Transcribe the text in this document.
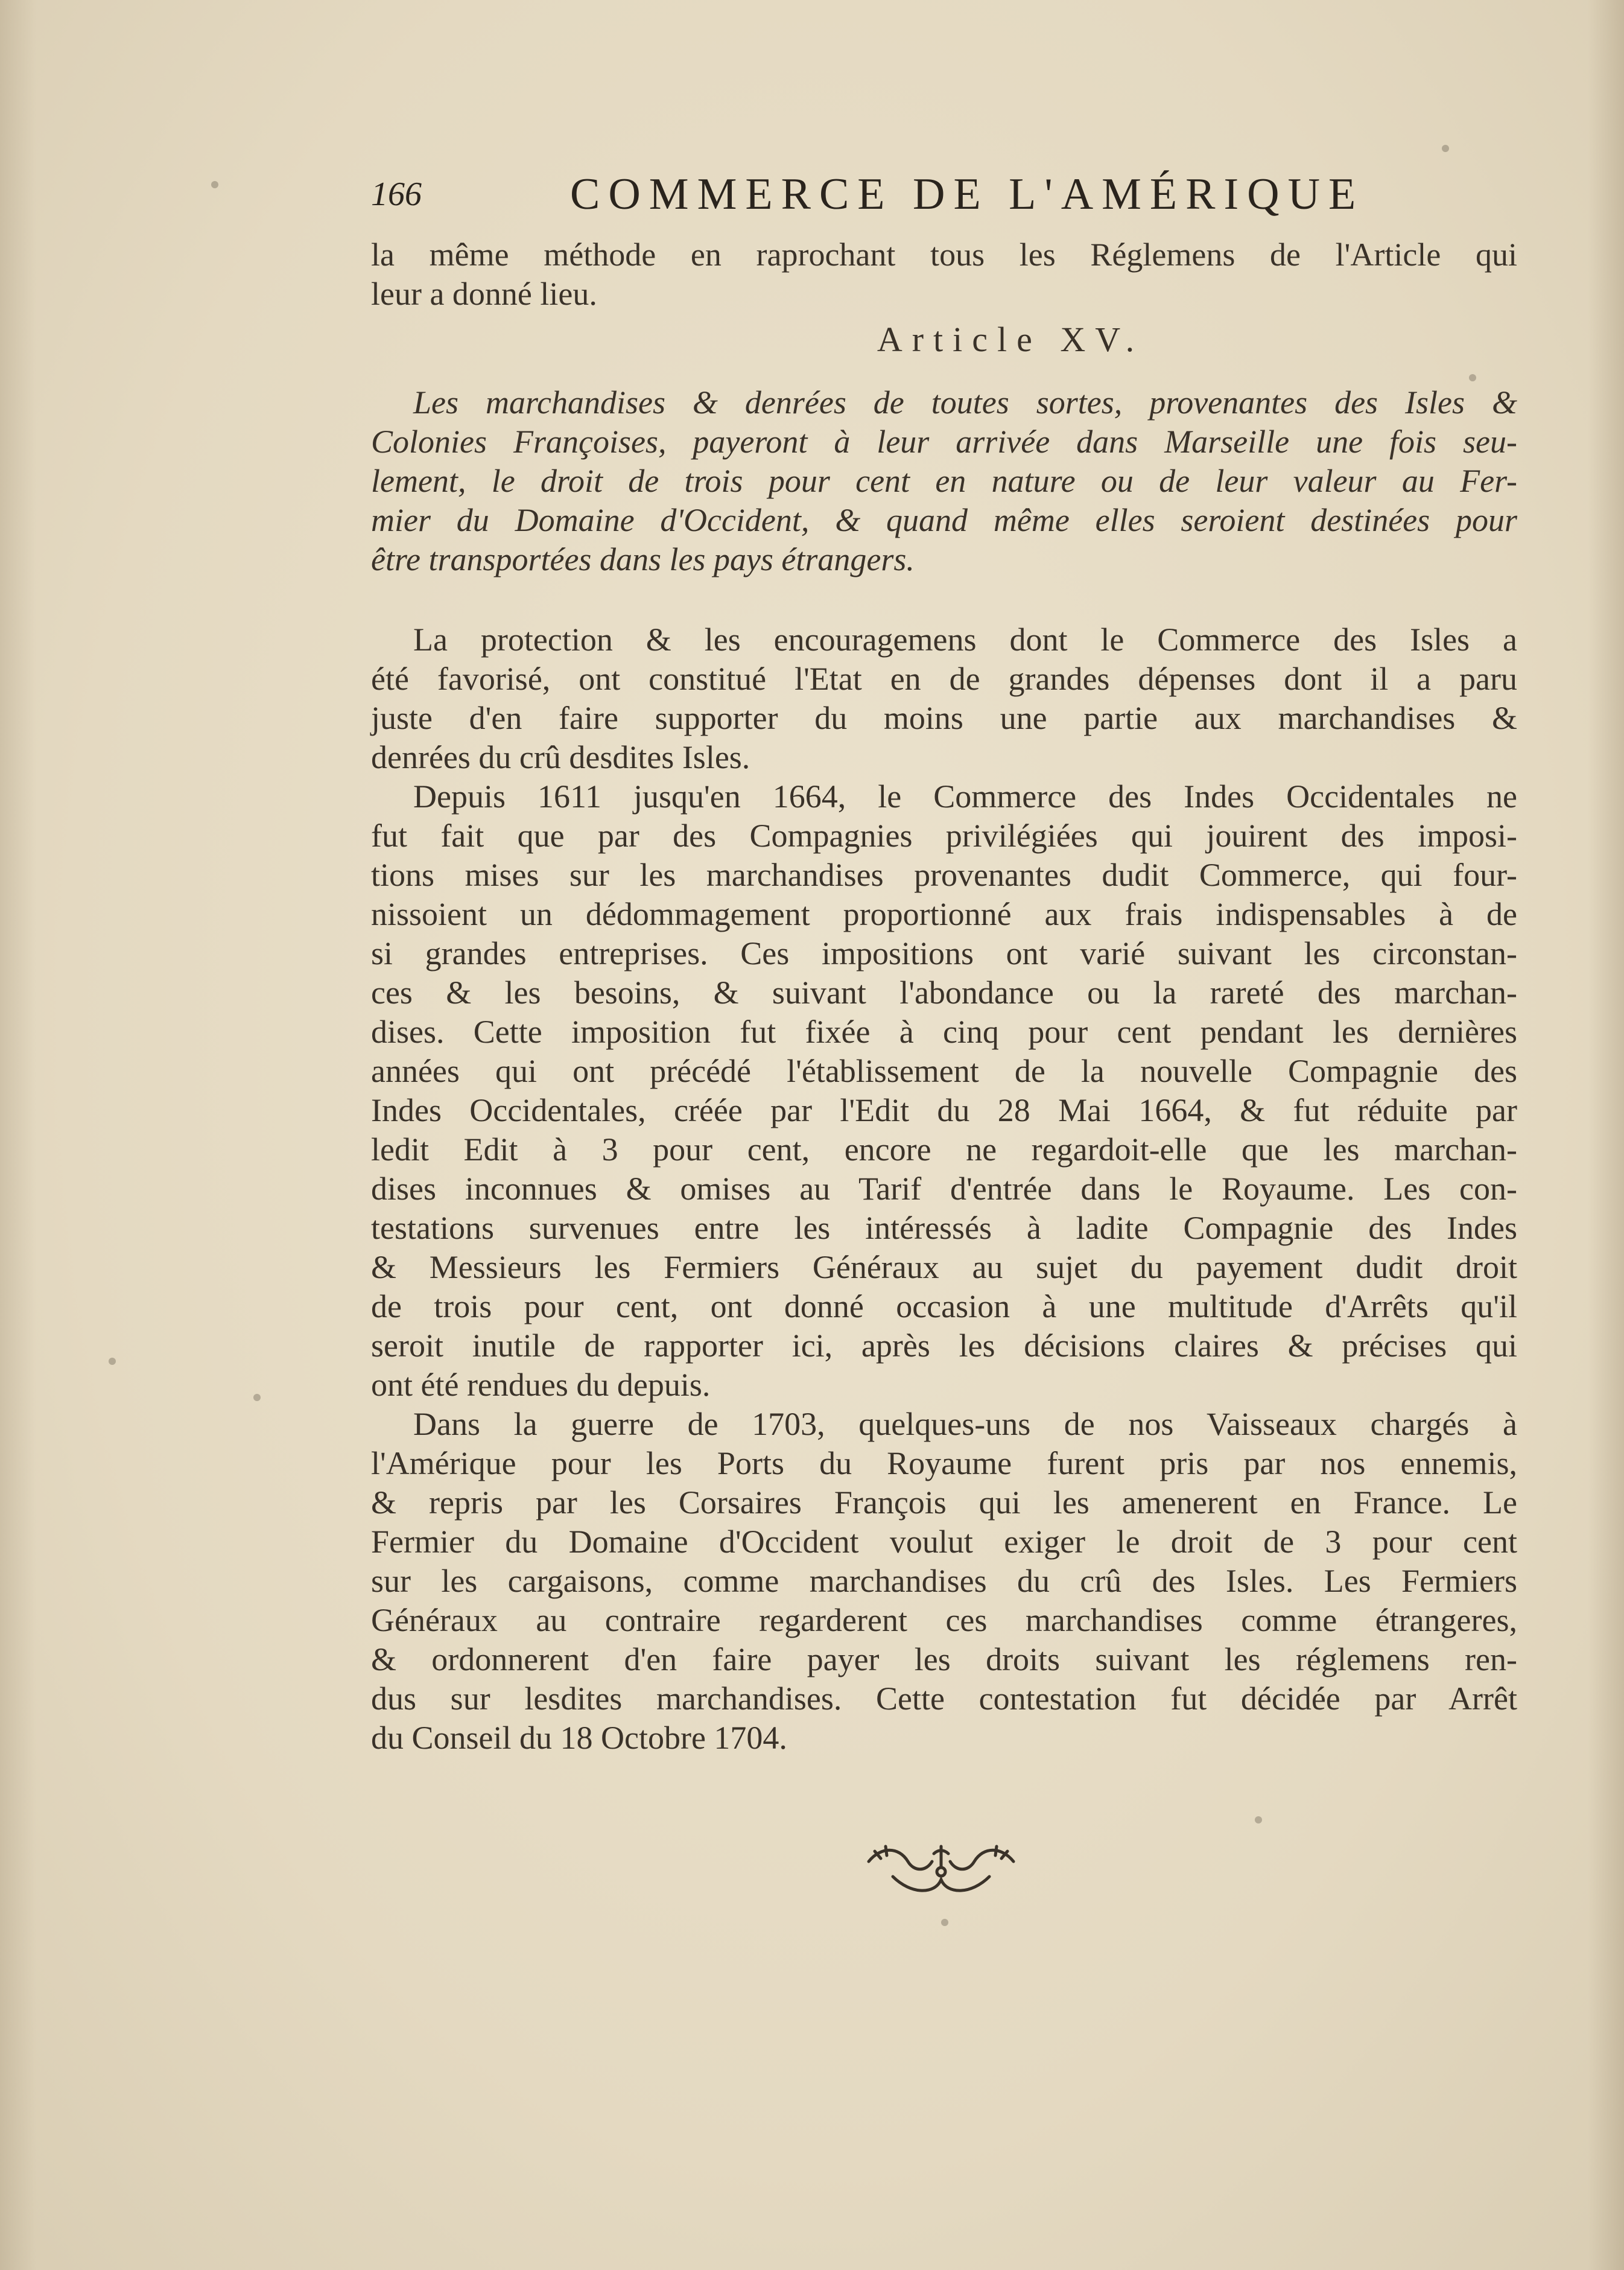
166	COMMERCE DE L'AMÉRIQUE
la même méthode en raprochant tous les Réglemens de l'Article qui
leur a donné lieu.
Article XV.
Les marchandises & denrées de toutes sortes, provenantes des Isles &
Colonies Françoises, payeront à leur arrivée dans Marseille une fois seu-
lement, le droit de trois pour cent en nature ou de leur valeur au Fer-
mier du Domaine d'Occident, & quand même elles seroient destinées pour
être transportées dans les pays étrangers.
La protection & les encouragemens dont le Commerce des Isles a
été favorisé, ont constitué l'Etat en de grandes dépenses dont il a paru
juste d'en faire supporter du moins une partie aux marchandises &
denrées du crû desdites Isles.
Depuis 1611 jusqu'en 1664, le Commerce des Indes Occidentales ne
fut fait que par des Compagnies privilégiées qui jouirent des imposi-
tions mises sur les marchandises provenantes dudit Commerce, qui four-
nissoient un dédommagement proportionné aux frais indispensables à de
si grandes entreprises. Ces impositions ont varié suivant les circonstan-
ces & les besoins, & suivant l'abondance ou la rareté des marchan-
dises. Cette imposition fut fixée à cinq pour cent pendant les dernières
années qui ont précédé l'établissement de la nouvelle Compagnie des
Indes Occidentales, créée par l'Edit du 28 Mai 1664, & fut réduite par
ledit Edit à 3 pour cent, encore ne regardoit-elle que les marchan-
dises inconnues & omises au Tarif d'entrée dans le Royaume. Les con-
testations survenues entre les intéressés à ladite Compagnie des Indes
& Messieurs les Fermiers Généraux au sujet du payement dudit droit
de trois pour cent, ont donné occasion à une multitude d'Arrêts qu'il
seroit inutile de rapporter ici, après les décisions claires & précises qui
ont été rendues du depuis.
Dans la guerre de 1703, quelques-uns de nos Vaisseaux chargés à
l'Amérique pour les Ports du Royaume furent pris par nos ennemis,
& repris par les Corsaires François qui les amenerent en France. Le
Fermier du Domaine d'Occident voulut exiger le droit de 3 pour cent
sur les cargaisons, comme marchandises du crû des Isles. Les Fermiers
Généraux au contraire regarderent ces marchandises comme étrangeres,
& ordonnerent d'en faire payer les droits suivant les réglemens ren-
dus sur lesdites marchandises. Cette contestation fut décidée par Arrêt
du Conseil du 18 Octobre 1704.
